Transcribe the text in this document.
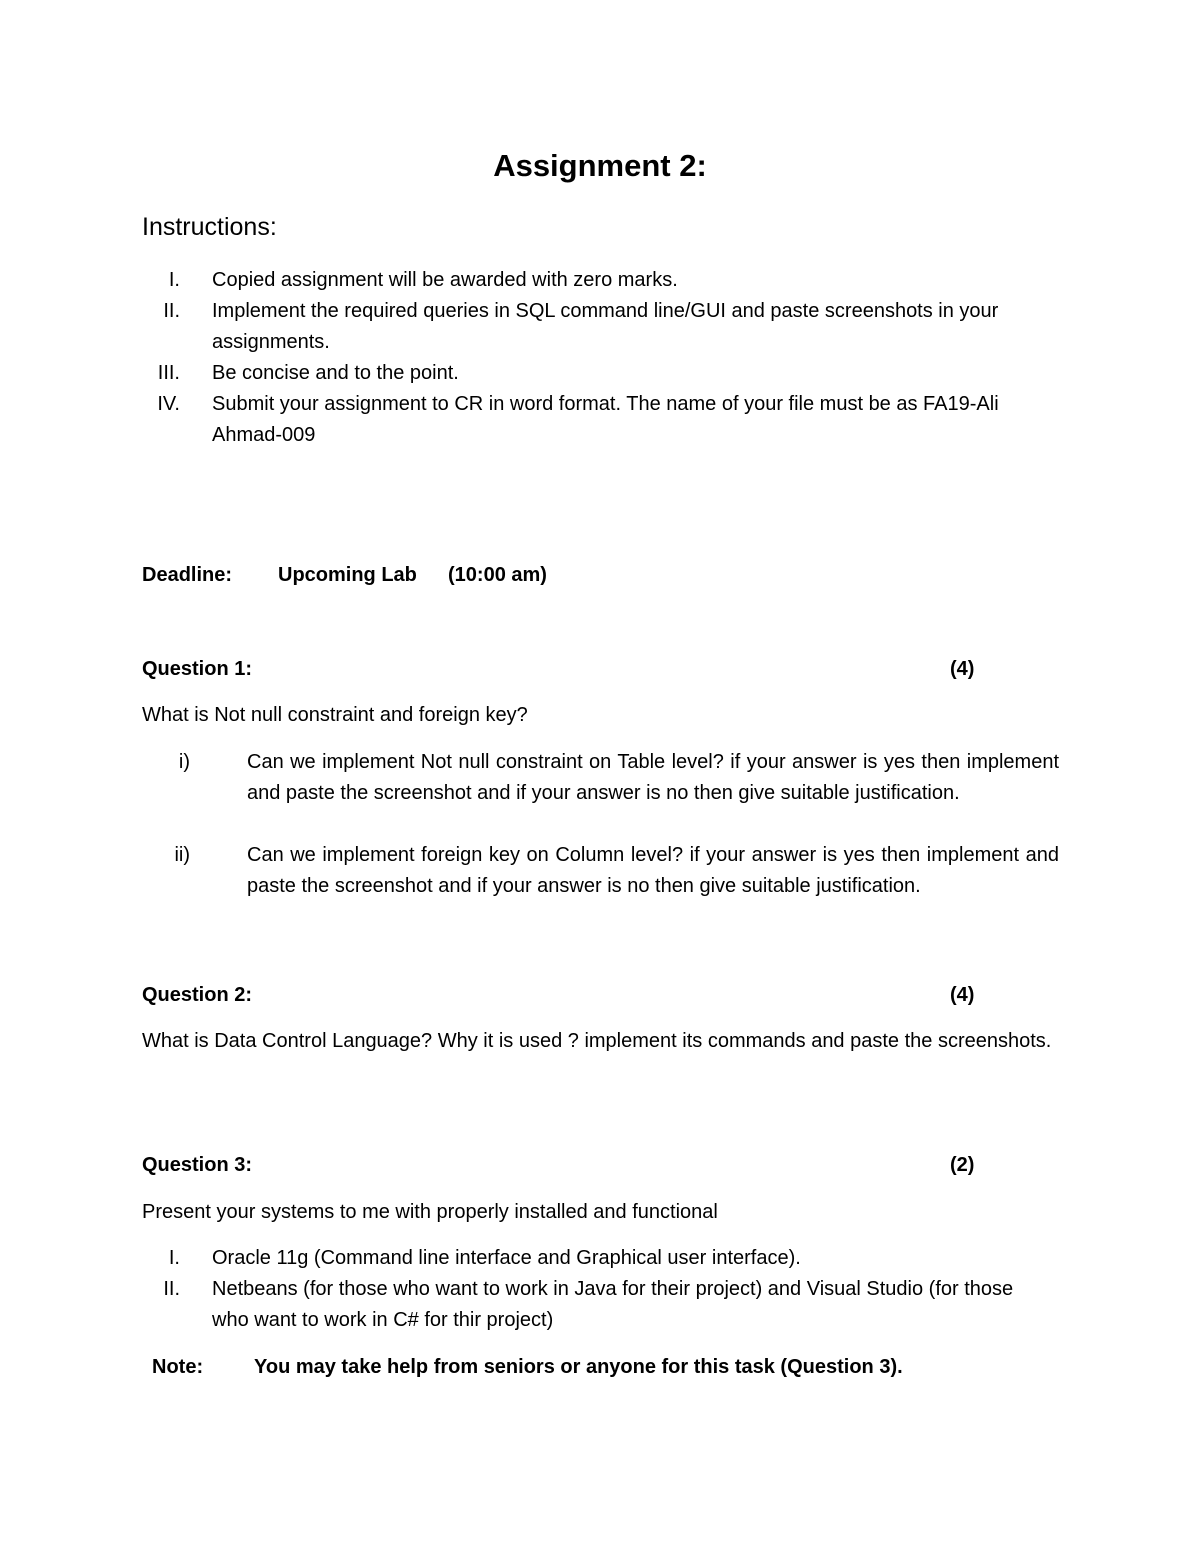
Assignment 2:
Instructions:
I. Copied assignment will be awarded with zero marks.
II. Implement the required queries in SQL command line/GUI and paste screenshots in your assignments.
III. Be concise and to the point.
IV. Submit your assignment to CR in word format. The name of your file must be as FA19-Ali Ahmad-009
Deadline: Upcoming Lab (10:00 am)
Question 1:	(4)
What is Not null constraint and foreign key?
i)	Can we implement Not null constraint on Table level? if your answer is yes then implement and paste the screenshot and if your answer is no then give suitable justification.
ii)	Can we implement foreign key on Column level? if your answer is yes then implement and paste the screenshot and if your answer is no then give suitable justification.
Question 2:	(4)
What is Data Control Language? Why it is used ? implement its commands and paste the screenshots.
Question 3:	(2)
Present your systems to me with properly installed and functional
I. Oracle 11g (Command line interface and Graphical user interface).
II. Netbeans (for those who want to work in Java for their project) and Visual Studio (for those who want to work in C# for thir project)
Note:	You may take help from seniors or anyone for this task (Question 3).
